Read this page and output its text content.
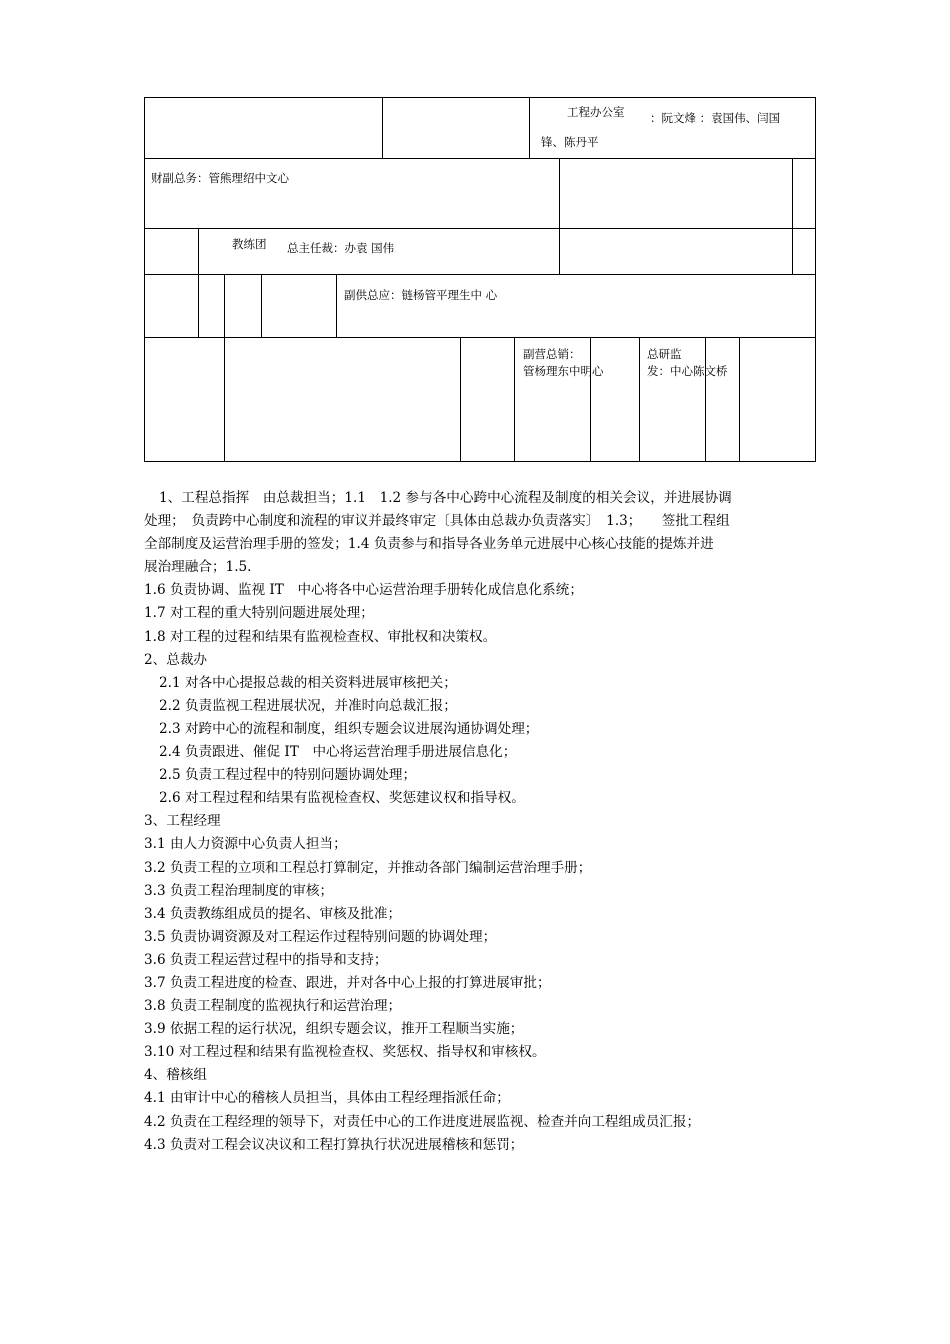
工程办公室 ：阮文烽 ：袁国伟、闫国
锋、陈丹平
财副总务：管熊理绍中文心
教练团 总主任裁：办袁 国伟
副供总应：链杨管平理生中 心
副营总销：
管杨理东中明心
总研监
发：中心陈文桥

1、工程总指挥　由总裁担当；1.1　1.2 参与各中心跨中心流程及制度的相关会议，并进展协调

处理；　负责跨中心制度和流程的审议并最终审定〔具体由总裁办负责落实〕　1.3；　　签批工程组

全部制度及运营治理手册的签发；1.4 负责参与和指导各业务单元进展中心核心技能的提炼并进

展治理融合；1.5.

1.6 负责协调、监视 IT　中心将各中心运营治理手册转化成信息化系统；

1.7 对工程的重大特别问题进展处理；

1.8 对工程的过程和结果有监视检查权、审批权和决策权。

2、总裁办

2.1 对各中心提报总裁的相关资料进展审核把关；

2.2 负责监视工程进展状况，并准时向总裁汇报；

2.3 对跨中心的流程和制度，组织专题会议进展沟通协调处理；

2.4 负责跟进、催促 IT　中心将运营治理手册进展信息化；

2.5 负责工程过程中的特别问题协调处理；

2.6 对工程过程和结果有监视检查权、奖惩建议权和指导权。

3、工程经理

3.1 由人力资源中心负责人担当；

3.2 负责工程的立项和工程总打算制定，并推动各部门编制运营治理手册；

3.3 负责工程治理制度的审核；

3.4 负责教练组成员的提名、审核及批准；

3.5 负责协调资源及对工程运作过程特别问题的协调处理；

3.6 负责工程运营过程中的指导和支持；

3.7 负责工程进度的检查、跟进，并对各中心上报的打算进展审批；

3.8 负责工程制度的监视执行和运营治理；

3.9 依据工程的运行状况，组织专题会议，推开工程顺当实施；

3.10 对工程过程和结果有监视检查权、奖惩权、指导权和审核权。

4、稽核组

4.1 由审计中心的稽核人员担当，具体由工程经理指派任命；

4.2 负责在工程经理的领导下，对责任中心的工作进度进展监视、检查并向工程组成员汇报；

4.3 负责对工程会议决议和工程打算执行状况进展稽核和惩罚；
